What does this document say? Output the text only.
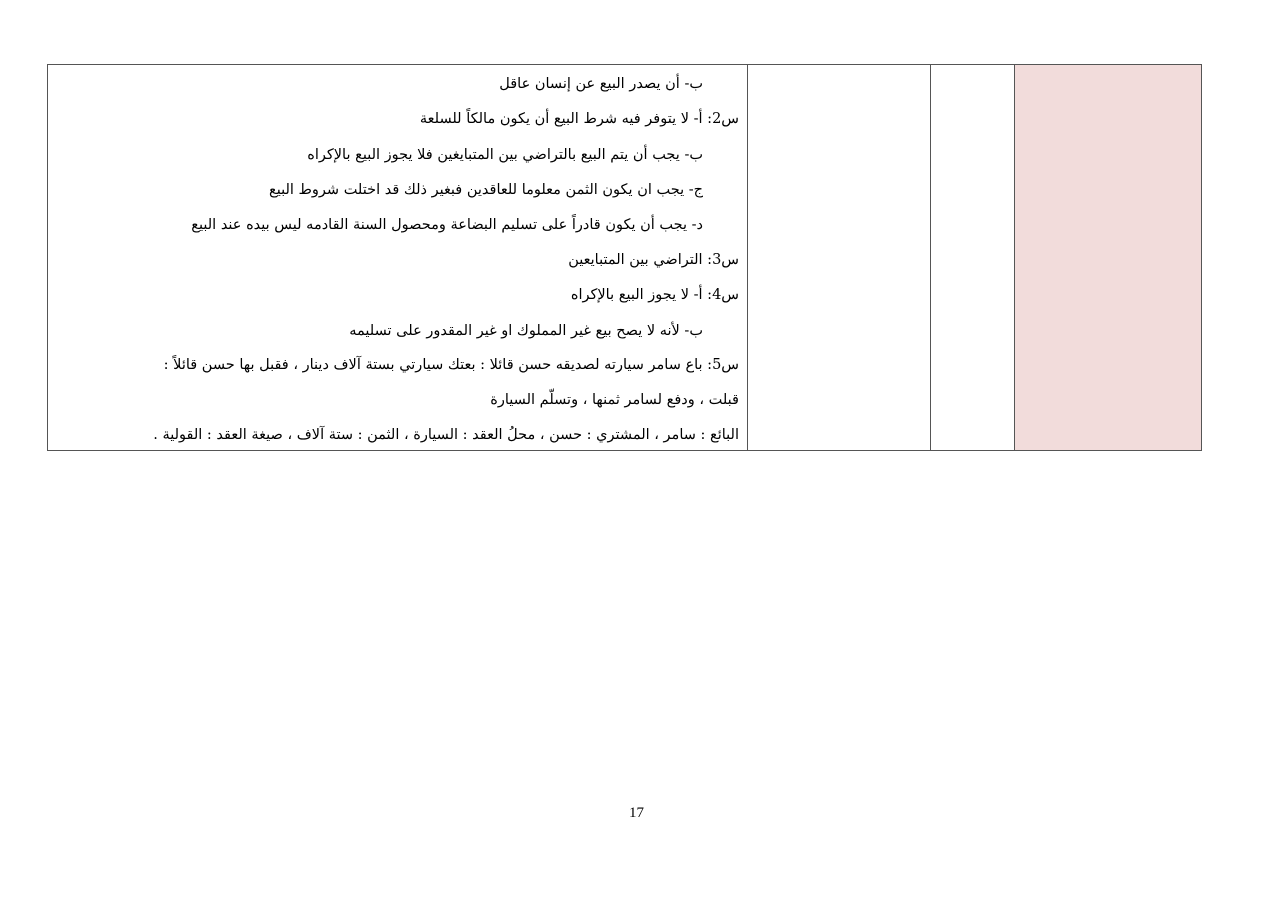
ب- أن يصدر البيع عن إنسان عاقل
س2: أ- لا يتوفر فيه شرط البيع أن يكون مالكاً للسلعة
ب- يجب أن يتم البيع بالتراضي بين المتبايغين فلا يجوز البيع بالإكراه
ج- يجب ان يكون الثمن معلوما للعاقدين فبغير ذلك قد اختلت شروط البيع
د- يجب أن يكون قادراً على تسليم البضاعة ومحصول السنة القادمه ليس بيده عند البيع
س3: التراضي بين المتبايعين
س4: أ- لا يجوز البيع بالإكراه
ب- لأنه لا يصح بيع غير المملوك او غير المقدور على تسليمه
س5: باع سامر سيارته لصديقه حسن قائلا : بعتك سيارتي بستة آلاف دينار ، فقبل بها حسن قائلاً :
قبلت ، ودفع لسامر ثمنها ، وتسلّم السيارة
البائع : سامر ، المشتري : حسن ، محلُ العقد : السيارة ، الثمن : ستة آلاف ، صيغة العقد : القولية .
17
